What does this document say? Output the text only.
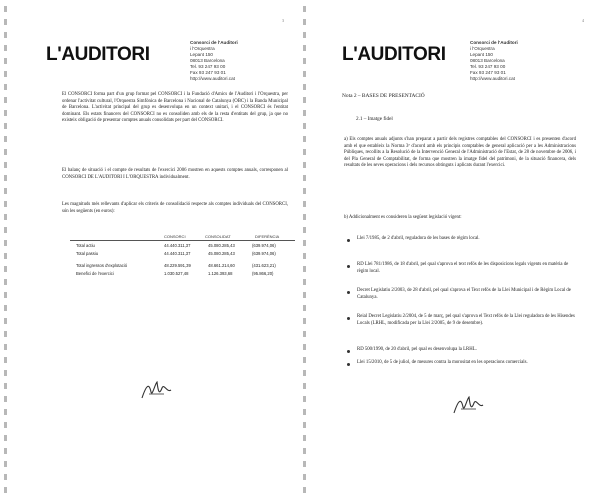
3
L'AUDITORI
Consorci de l'Auditori
i l'Orquestra
Lepant 150
08013 Barcelona
Tel. 93 247 93 00
Fax 93 247 93 01
http://www.auditori.cat
El CONSORCI forma part d'un grup format pel CONSORCI i la Fundació d'Amics de l'Auditori i l'Orquestra, per ordenar l'activitat cultural, l'Orquestra Simfònica de Barcelona i Nacional de Catalunya (OBC) i la Banda Municipal de Barcelona. L'activitat principal del grup es desenvolupa en un context unitari, i el CONSORCI és l'entitat dominant. Els estats financers del CONSORCI no es consoliden amb els de la resta d'entitats del grup, ja que no existeix obligació de presentar comptes anuals consolidats per part del CONSORCI.
El balanç de situació i el compte de resultats de l'exercici 2006 mostren en aquests comptes anuals, corresponen al CONSORCI DE L'AUDITORI I L'ORQUESTRA individualment.
Les magnituds més rellevants d'aplicar els criteris de consolidació respecte als comptes individuals del CONSORCI, són les següents (en euros):
CONSORCI	CONSOLIDAT	DIFERÈNCIA
Total actiu	44.440.311,37	45.080.285,43	(639.974,06)
Total passiu	44.440.311,37	45.080.285,43	(639.974,06)
Total ingressos d'explotació	48.229.591,39	48.661.214,60	(431.623,21)
Benefici de l'exercici	1.030.527,48	1.126.393,68	(95.866,20)
4
L'AUDITORI
Consorci de l'Auditori
i l'Orquestra
Lepant 150
08013 Barcelona
Tel. 93 247 93 00
Fax 93 247 93 01
http://www.auditori.cat
Nota 2 – BASES DE PRESENTACIÓ
2.1 – Imatge fidel
a) Els comptes anuals adjunts s'han preparat a partir dels registres comptables del CONSORCI i es presenten d'acord amb el que estableix la Norma 3ª d'acord amb els principis comptables de general aplicació per a les Administracions Públiques, recollits a la Resolució de la Intervenció General de l'Administració de l'Estat, de 28 de novembre de 2006, i del Pla General de Comptabilitat, de forma que mostren la imatge fidel del patrimoni, de la situació financera, dels resultats de les seves operacions i dels recursos obtinguts i aplicats durant l'exercici.
b) Addicionalment es consideren la següent legislació vigent:
Llei 7/1985, de 2 d'abril, reguladora de les bases de règim local.
RD Llei 781/1986, de 18 d'abril, pel qual s'aprova el text refós de les disposicions legals vigents en matèria de règim local.
Decret Legislatiu 2/2003, de 28 d'abril, pel qual s'aprova el Text refós de la Llei Municipal i de Règim Local de Catalunya.
Reial Decret Legislatiu 2/2004, de 5 de març, pel qual s'aprova el Text refós de la Llei reguladora de les Hisendes Locals (LRHL, modificada per la Llei 2/2005, de 9 de desembre).
RD 500/1990, de 20 d'abril, pel qual es desenvolupa la LRHL.
Llei 15/2010, de 5 de juliol, de mesures contra la morositat en les operacions comercials.
